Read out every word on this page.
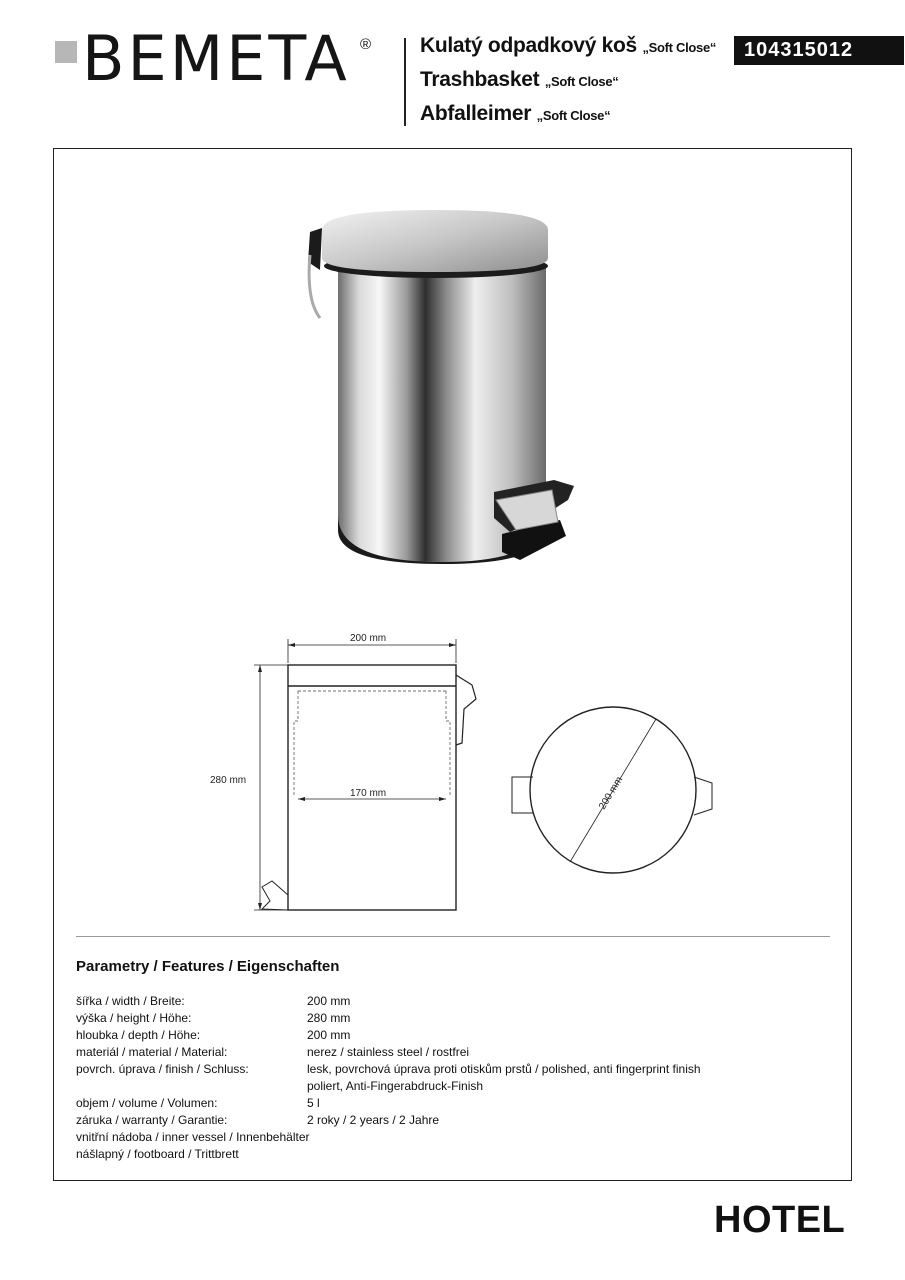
BEMETA ® Kulatý odpadkový koš „Soft Close“
Trashbasket „Soft Close“
Abfalleimer „Soft Close“
104315012
200 mm
170 mm
280 mm	200 mm
Parametry / Features / Eigenschaften
šířka / width / Breite:	200 mm
výška / height / Höhe:	280 mm
hloubka / depth / Höhe:	200 mm
materiál / material / Material:	nerez / stainless steel / rostfrei
povrch. úprava / finish / Schluss:	lesk, povrchová úprava proti otiskům prstů / polished, anti fingerprint finish
poliert, Anti-Fingerabdruck-Finish
objem / volume / Volumen:	5 l
záruka / warranty / Garantie:	2 roky / 2 years / 2 Jahre
vnitřní nádoba / inner vessel / Innenbehälter
nášlapný / footboard / Trittbrett
HOTEL
